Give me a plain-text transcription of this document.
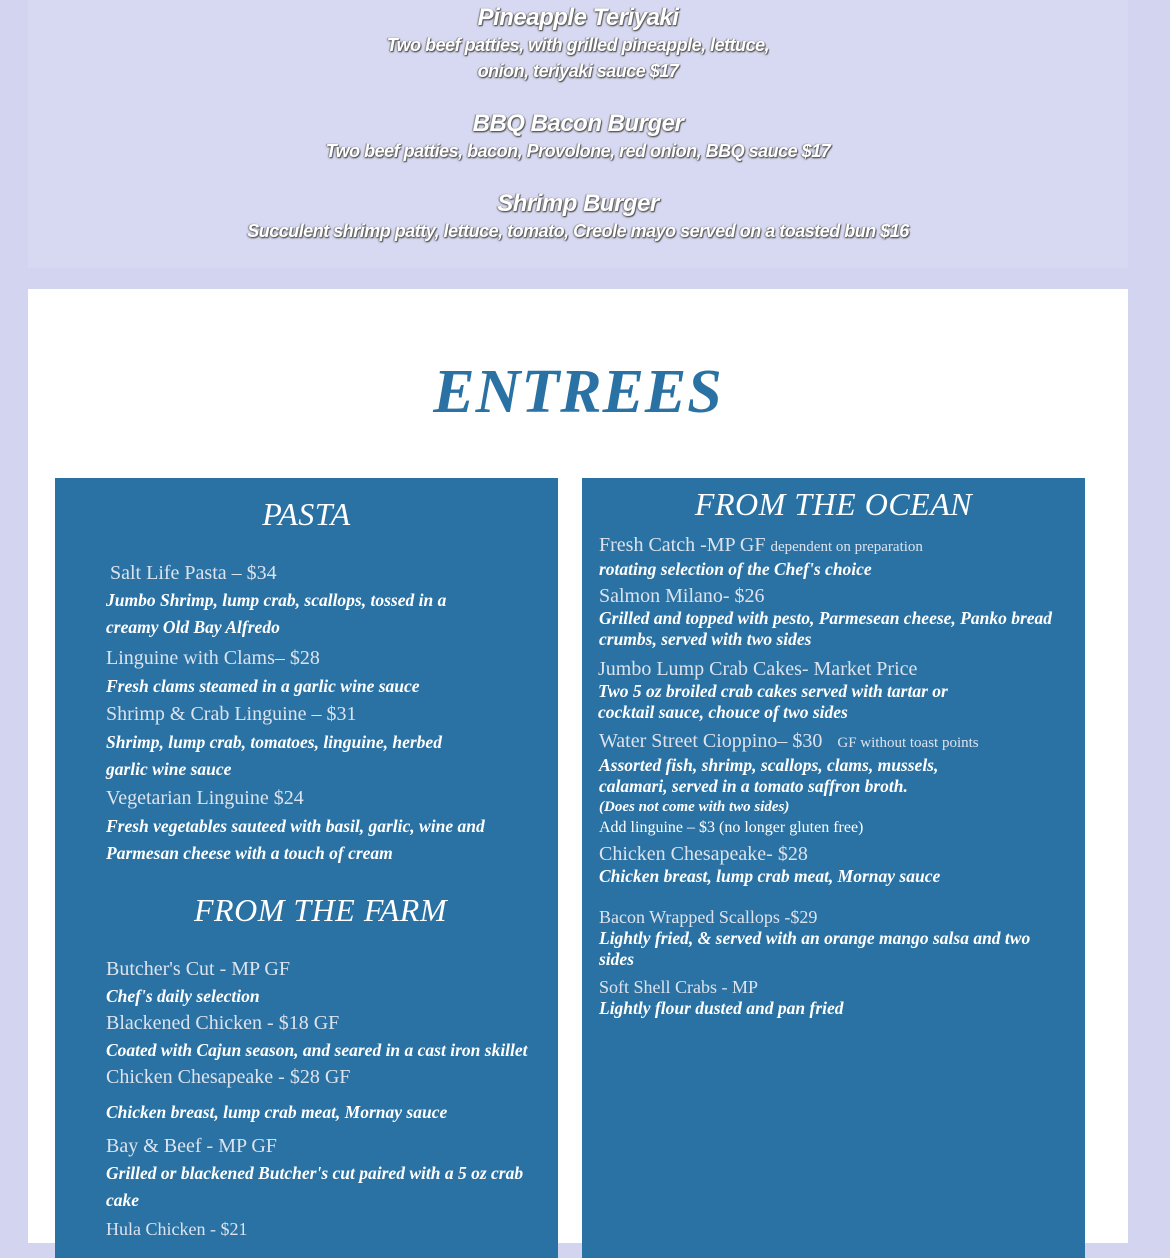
Pineapple Teriyaki
Two beef patties, with grilled pineapple, lettuce, onion, teriyaki sauce $17
BBQ Bacon Burger
Two beef patties, bacon, Provolone, red onion, BBQ sauce $17
Shrimp Burger
Succulent shrimp patty, lettuce, tomato, Creole mayo served on a toasted bun $16
ENTREES
PASTA
Salt Life Pasta – $34
Jumbo Shrimp, lump crab, scallops, tossed in a creamy Old Bay Alfredo
Linguine with Clams– $28
Fresh clams steamed in a garlic wine sauce
Shrimp & Crab Linguine – $31
Shrimp, lump crab, tomatoes, linguine, herbed garlic wine sauce
Vegetarian Linguine $24
Fresh vegetables sauteed with basil, garlic, wine and Parmesan cheese with a touch of cream
FROM THE FARM
Butcher's Cut - MP GF
Chef's daily selection
Blackened Chicken - $18 GF
Coated with Cajun season, and seared in a cast iron skillet
Chicken Chesapeake - $28 GF
Chicken breast, lump crab meat, Mornay sauce
Bay & Beef - MP GF
Grilled or blackened Butcher's cut paired with a 5 oz crab cake
Hula Chicken - $21
FROM THE OCEAN
Fresh Catch -MP GF dependent on preparation
rotating selection of the Chef's choice
Salmon Milano- $26
Grilled and topped with pesto, Parmesean cheese, Panko bread crumbs, served with two sides
Jumbo Lump Crab Cakes- Market Price
Two 5 oz broiled crab cakes served with tartar or cocktail sauce, chouce of two sides
Water Street Cioppino– $30 GF without toast points
Assorted fish, shrimp, scallops, clams, mussels, calamari, served in a tomato saffron broth.
(Does not come with two sides)
Add linguine – $3 (no longer gluten free)
Chicken Chesapeake- $28
Chicken breast, lump crab meat, Mornay sauce
Bacon Wrapped Scallops -$29
Lightly fried, & served with an orange mango salsa and two sides
Soft Shell Crabs - MP
Lightly flour dusted and pan fried
